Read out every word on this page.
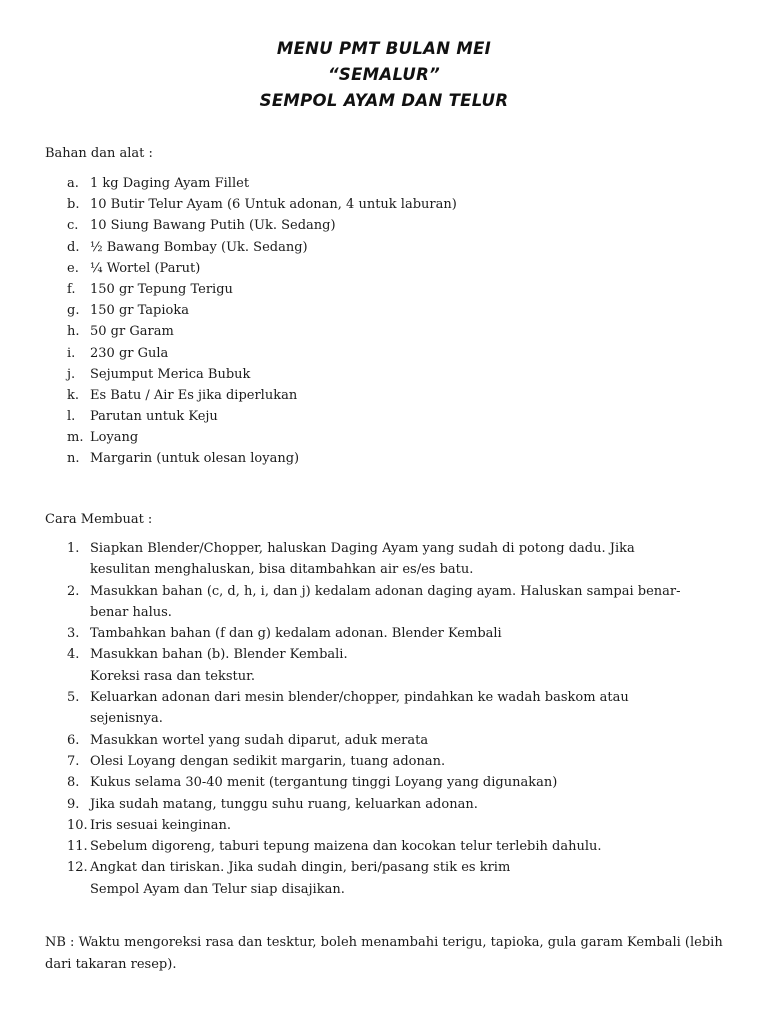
MENU PMT BULAN MEI
“SEMALUR”
SEMPOL AYAM DAN TELUR
Bahan dan alat :
a. 1 kg Daging Ayam Fillet
b. 10 Butir Telur Ayam (6 Untuk adonan, 4 untuk laburan)
c. 10 Siung Bawang Putih (Uk. Sedang)
d. ½ Bawang Bombay (Uk. Sedang)
e. ¼ Wortel (Parut)
f.	150 gr Tepung Terigu
g. 150 gr Tapioka
h. 50 gr Garam
i.	230 gr Gula
j.	Sejumput Merica Bubuk
k. Es Batu / Air Es jika diperlukan
l.	Parutan untuk Keju
m. Loyang
n. Margarin (untuk olesan loyang)
Cara Membuat :
1. Siapkan Blender/Chopper, haluskan Daging Ayam yang sudah di potong dadu. Jika
kesulitan menghaluskan, bisa ditambahkan air es/es batu.
2. Masukkan bahan (c, d, h, i, dan j) kedalam adonan daging ayam. Haluskan sampai benar-
benar halus.
3. Tambahkan bahan (f dan g) kedalam adonan. Blender Kembali
4. Masukkan bahan (b). Blender Kembali.
Koreksi rasa dan tekstur.
5. Keluarkan adonan dari mesin blender/chopper, pindahkan ke wadah baskom atau
sejenisnya.
6. Masukkan wortel yang sudah diparut, aduk merata
7. Olesi Loyang dengan sedikit margarin, tuang adonan.
8. Kukus selama 30-40 menit (tergantung tinggi Loyang yang digunakan)
9. Jika sudah matang, tunggu suhu ruang, keluarkan adonan.
10. Iris sesuai keinginan.
11. Sebelum digoreng, taburi tepung maizena dan kocokan telur terlebih dahulu.
12. Angkat dan tiriskan. Jika sudah dingin, beri/pasang stik es krim
Sempol Ayam dan Telur siap disajikan.
NB : Waktu mengoreksi rasa dan tesktur, boleh menambahi terigu, tapioka, gula garam Kembali (lebih dari takaran resep).
